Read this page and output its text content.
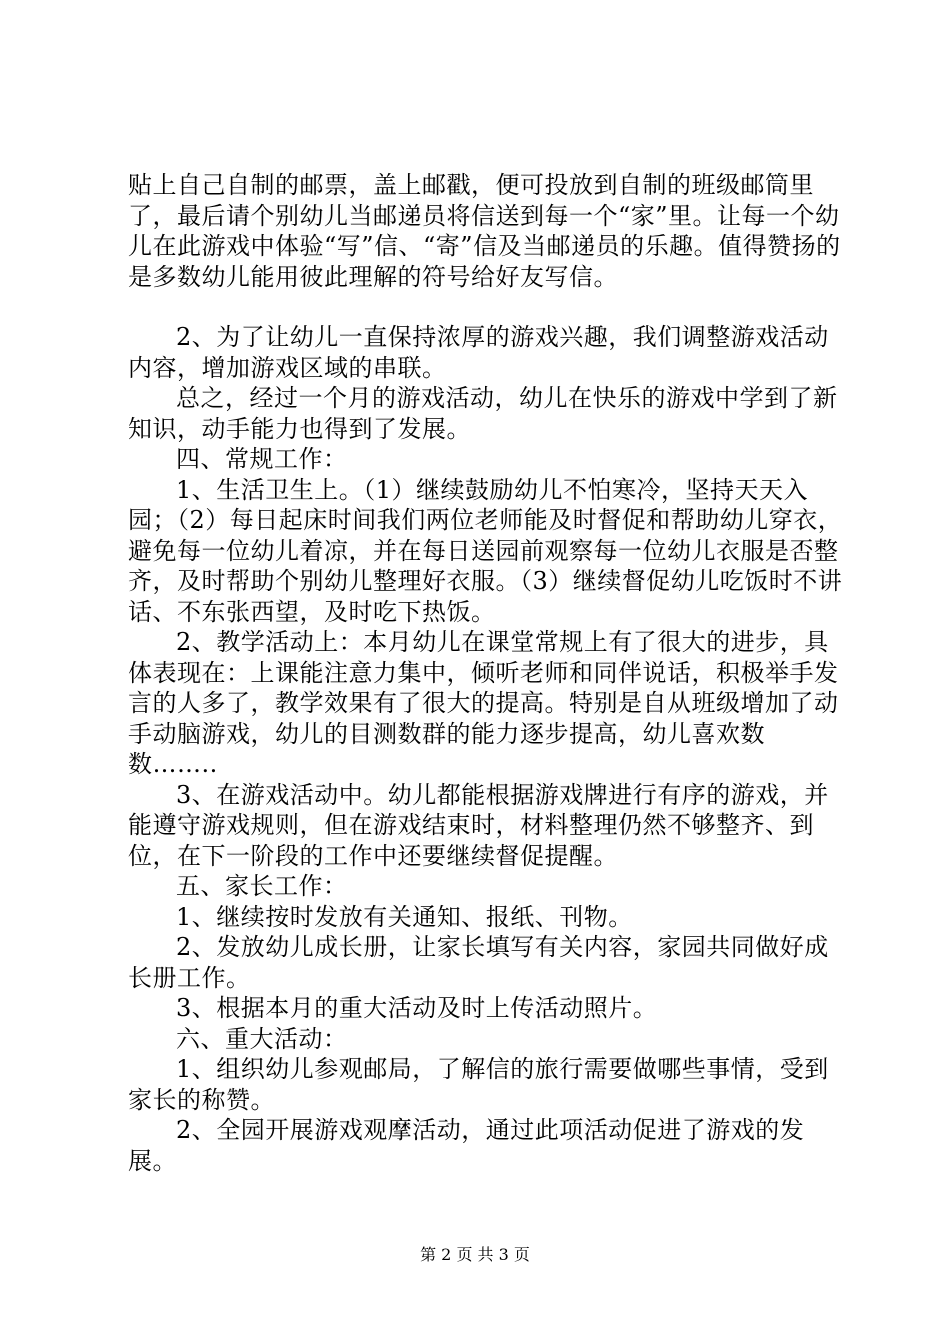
贴上自己自制的邮票，盖上邮戳，便可投放到自制的班级邮筒里了，最后请个别幼儿当邮递员将信送到每一个“家”里。让每一个幼儿在此游戏中体验“写”信、“寄”信及当邮递员的乐趣。值得赞扬的是多数幼儿能用彼此理解的符号给好友写信。

2、为了让幼儿一直保持浓厚的游戏兴趣，我们调整游戏活动内容，增加游戏区域的串联。

总之，经过一个月的游戏活动，幼儿在快乐的游戏中学到了新知识，动手能力也得到了发展。

四、常规工作：

1、生活卫生上。（1）继续鼓励幼儿不怕寒冷，坚持天天入园；（2）每日起床时间我们两位老师能及时督促和帮助幼儿穿衣，避免每一位幼儿着凉，并在每日送园前观察每一位幼儿衣服是否整齐，及时帮助个别幼儿整理好衣服。（3）继续督促幼儿吃饭时不讲话、不东张西望，及时吃下热饭。

2、教学活动上：本月幼儿在课堂常规上有了很大的进步，具体表现在：上课能注意力集中，倾听老师和同伴说话，积极举手发言的人多了，教学效果有了很大的提高。特别是自从班级增加了动手动脑游戏，幼儿的目测数群的能力逐步提高，幼儿喜欢数数……..

3、在游戏活动中。幼儿都能根据游戏牌进行有序的游戏，并能遵守游戏规则，但在游戏结束时，材料整理仍然不够整齐、到位，在下一阶段的工作中还要继续督促提醒。

五、家长工作：

1、继续按时发放有关通知、报纸、刊物。

2、发放幼儿成长册，让家长填写有关内容，家园共同做好成长册工作。

3、根据本月的重大活动及时上传活动照片。

六、重大活动：

1、组织幼儿参观邮局，了解信的旅行需要做哪些事情，受到家长的称赞。

2、全园开展游戏观摩活动，通过此项活动促进了游戏的发展。

第 2 页 共 3 页
